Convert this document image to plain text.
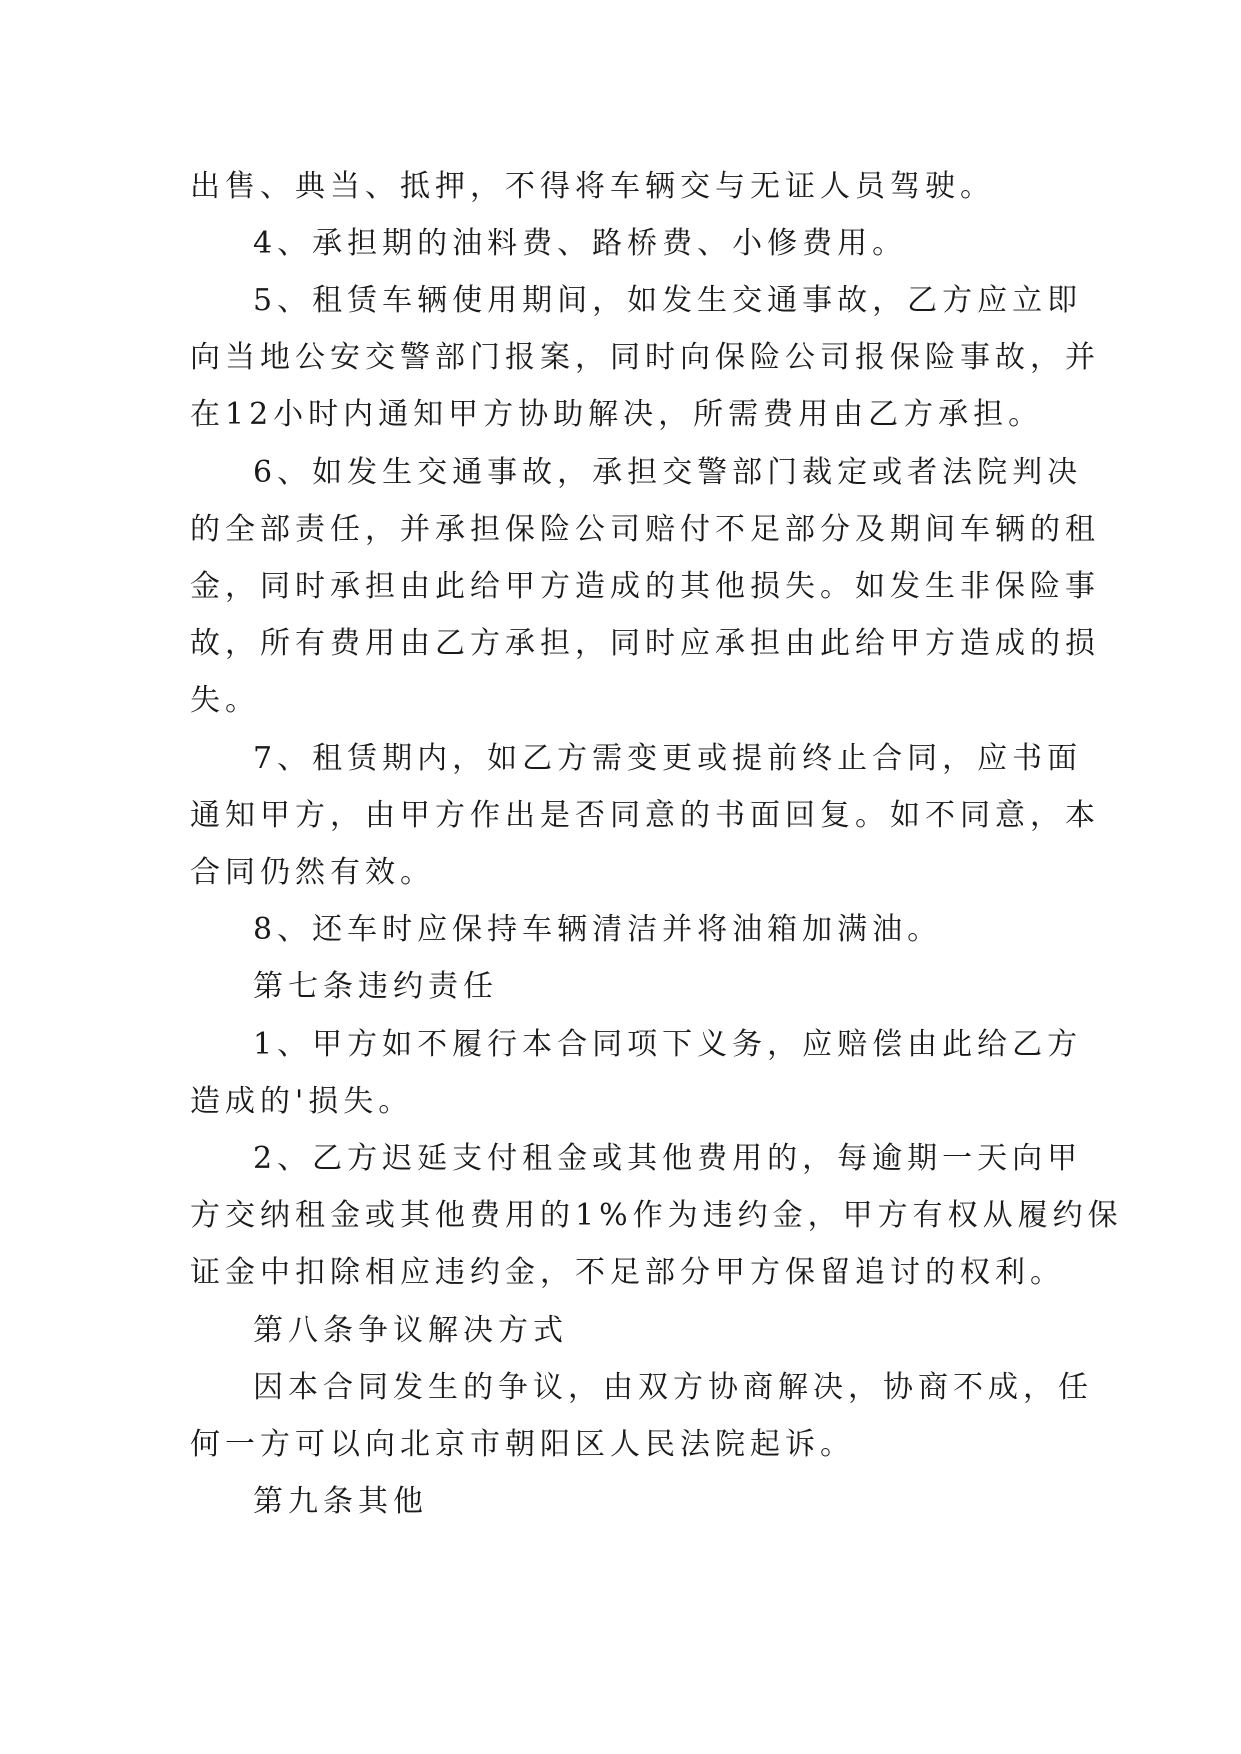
出售、典当、抵押，不得将车辆交与无证人员驾驶。
4、承担期的油料费、路桥费、小修费用。
5、租赁车辆使用期间，如发生交通事故，乙方应立即
向当地公安交警部门报案，同时向保险公司报保险事故，并
在12小时内通知甲方协助解决，所需费用由乙方承担。
6、如发生交通事故，承担交警部门裁定或者法院判决
的全部责任，并承担保险公司赔付不足部分及期间车辆的租
金，同时承担由此给甲方造成的其他损失。如发生非保险事
故，所有费用由乙方承担，同时应承担由此给甲方造成的损
失。
7、租赁期内，如乙方需变更或提前终止合同，应书面
通知甲方，由甲方作出是否同意的书面回复。如不同意，本
合同仍然有效。
8、还车时应保持车辆清洁并将油箱加满油。
第七条违约责任
1、甲方如不履行本合同项下义务，应赔偿由此给乙方
造成的'损失。
2、乙方迟延支付租金或其他费用的，每逾期一天向甲
方交纳租金或其他费用的1%作为违约金，甲方有权从履约保
证金中扣除相应违约金，不足部分甲方保留追讨的权利。
第八条争议解决方式
因本合同发生的争议，由双方协商解决，协商不成，任
何一方可以向北京市朝阳区人民法院起诉。
第九条其他
